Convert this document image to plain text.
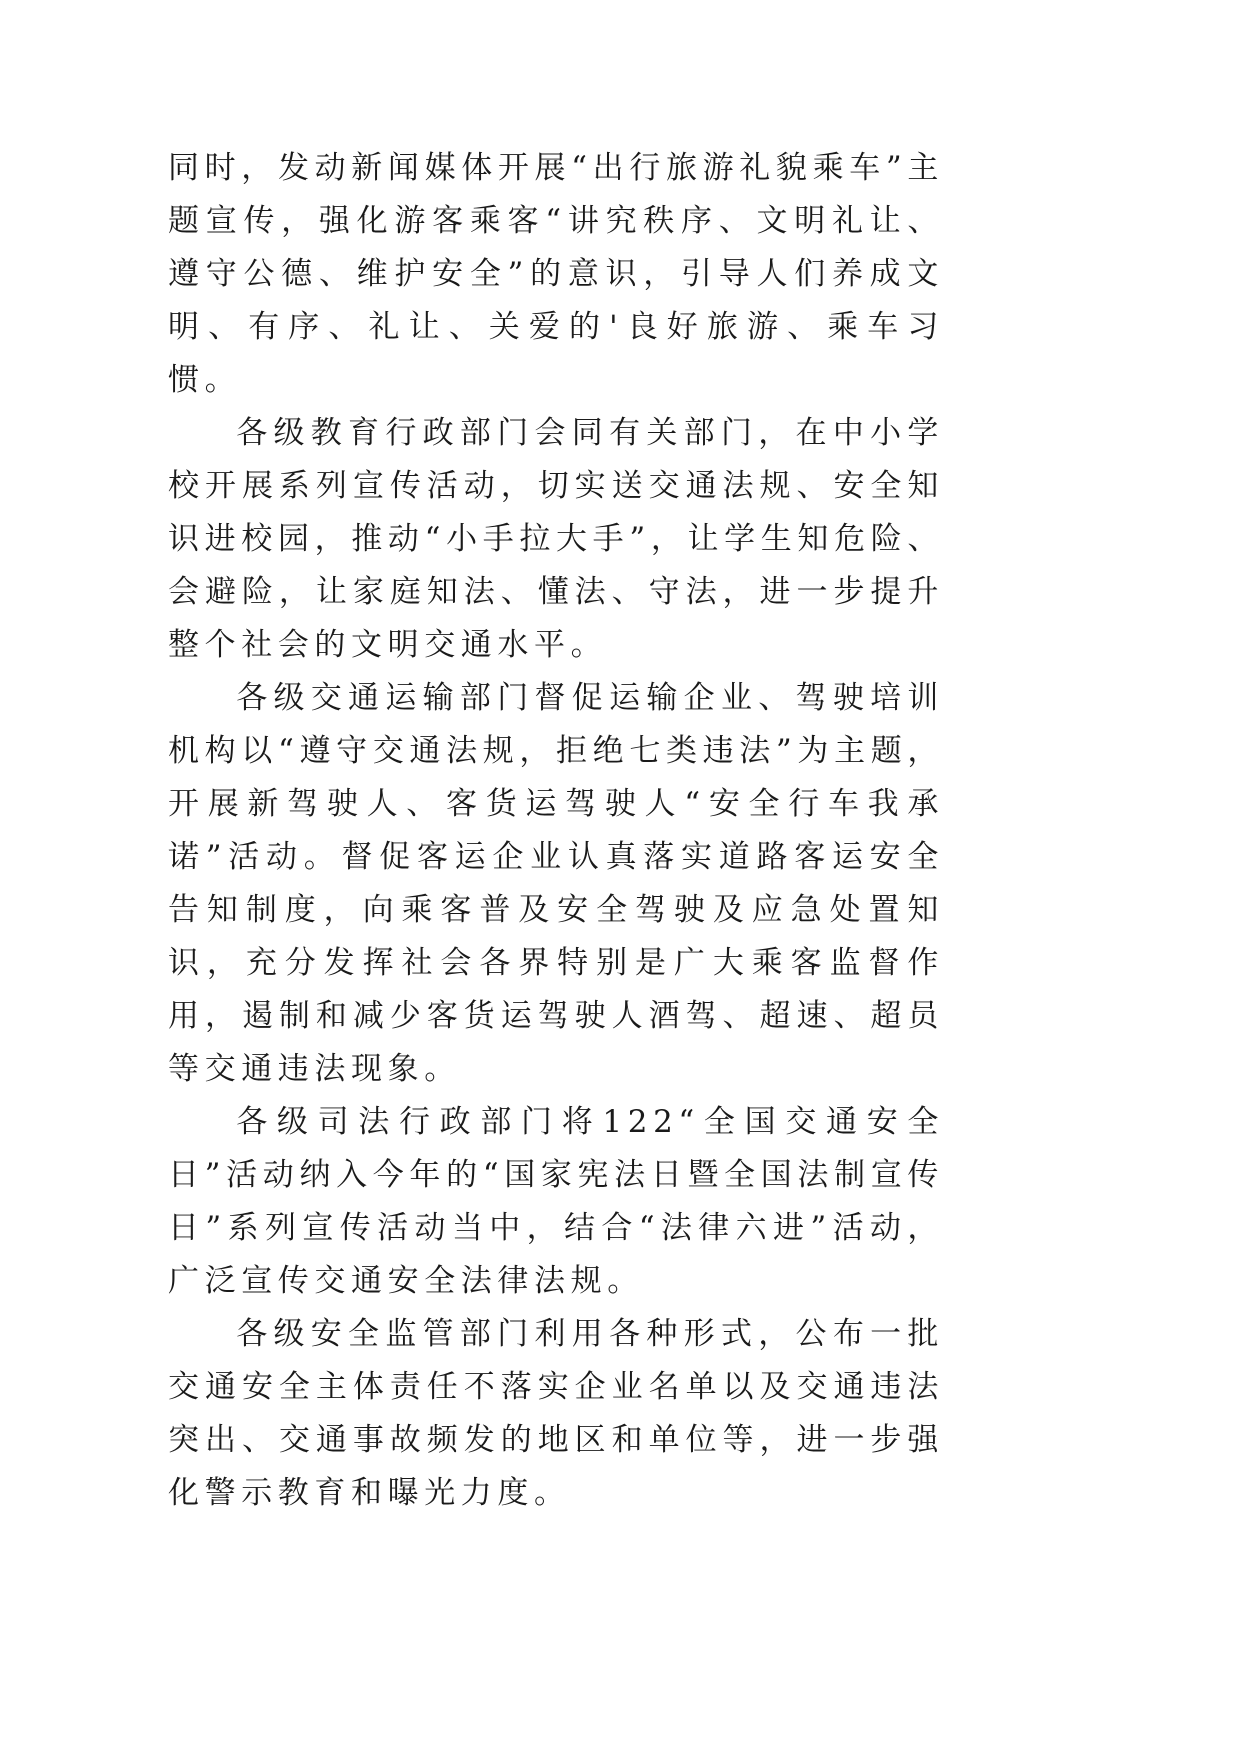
同时，发动新闻媒体开展“出行旅游礼貌乘车”主题宣传，强化游客乘客“讲究秩序、文明礼让、遵守公德、维护安全”的意识，引导人们养成文明、有序、礼让、关爱的'良好旅游、乘车习惯。

各级教育行政部门会同有关部门，在中小学校开展系列宣传活动，切实送交通法规、安全知识进校园，推动“小手拉大手”，让学生知危险、会避险，让家庭知法、懂法、守法，进一步提升整个社会的文明交通水平。

各级交通运输部门督促运输企业、驾驶培训机构以“遵守交通法规，拒绝七类违法”为主题，开展新驾驶人、客货运驾驶人“安全行车我承诺”活动。督促客运企业认真落实道路客运安全告知制度，向乘客普及安全驾驶及应急处置知识，充分发挥社会各界特别是广大乘客监督作用，遏制和减少客货运驾驶人酒驾、超速、超员等交通违法现象。

各级司法行政部门将122“全国交通安全日”活动纳入今年的“国家宪法日暨全国法制宣传日”系列宣传活动当中，结合“法律六进”活动，广泛宣传交通安全法律法规。

各级安全监管部门利用各种形式，公布一批交通安全主体责任不落实企业名单以及交通违法突出、交通事故频发的地区和单位等，进一步强化警示教育和曝光力度。
